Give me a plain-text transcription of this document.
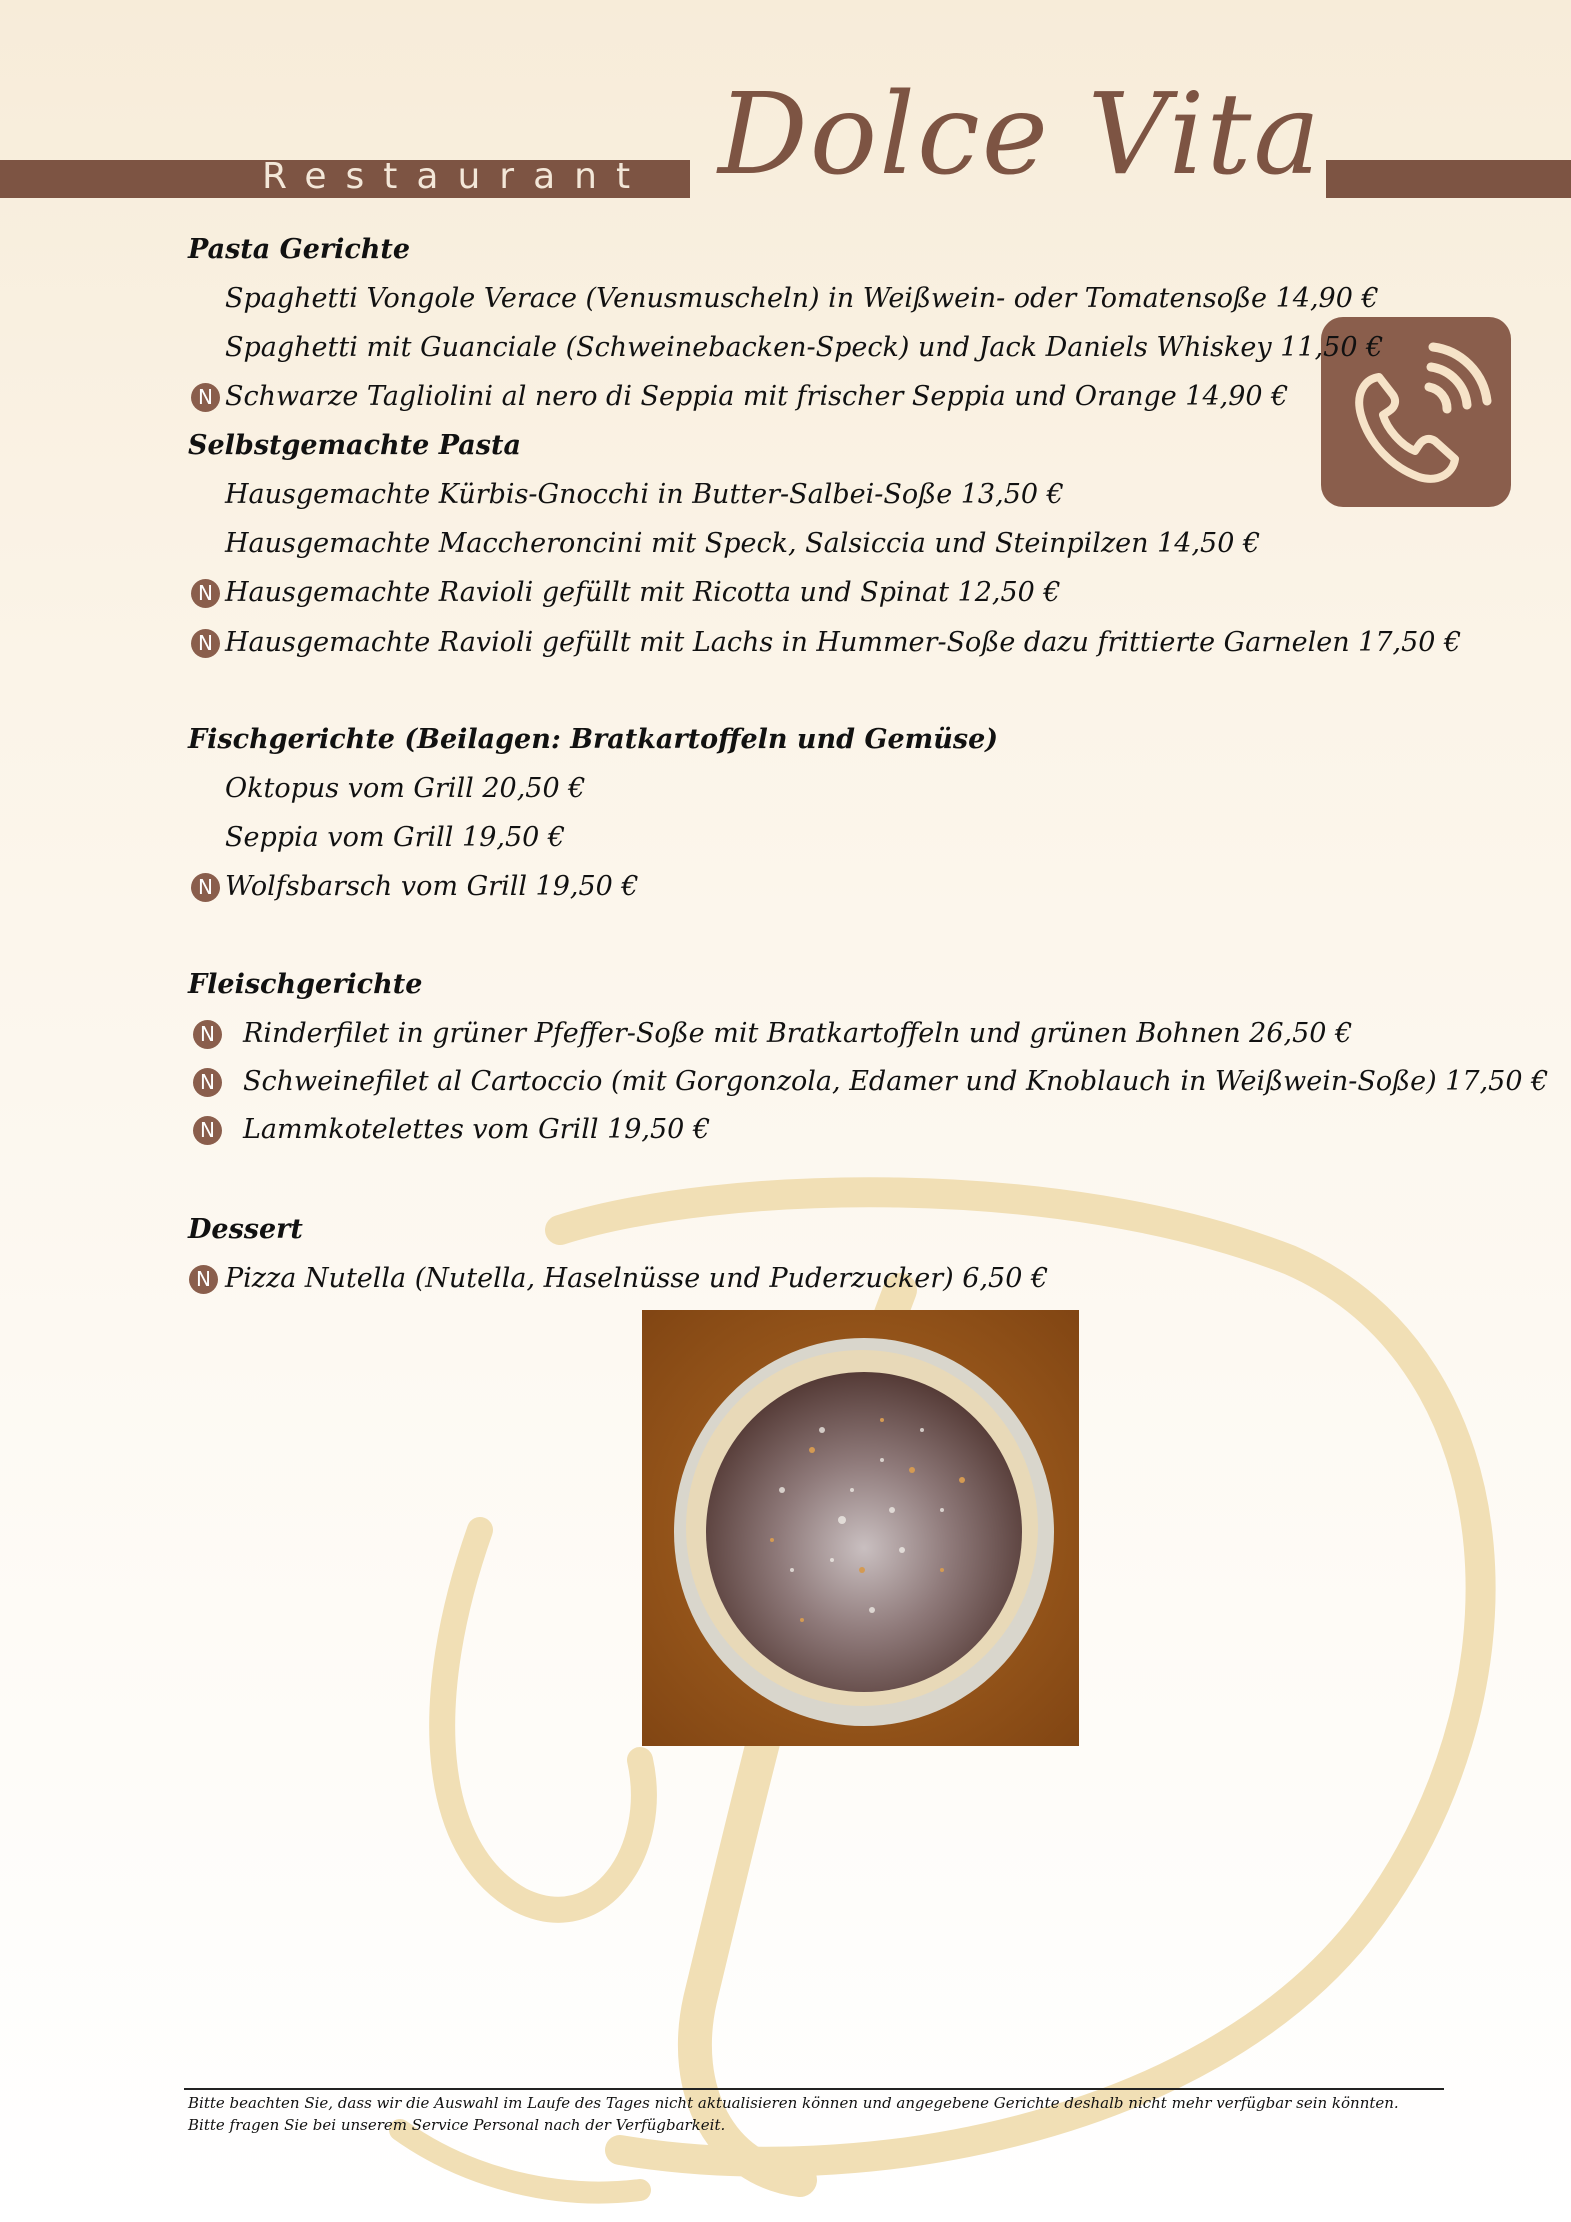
Restaurant Dolce Vita
Pasta Gerichte
Spaghetti Vongole Verace (Venusmuscheln) in Weißwein- oder Tomatensoße 14,90 €
Spaghetti mit Guanciale (Schweinebacken-Speck) und Jack Daniels Whiskey 11,50 €
N Schwarze Tagliolini al nero di Seppia mit frischer Seppia und Orange 14,90 €
Selbstgemachte Pasta
Hausgemachte Kürbis-Gnocchi in Butter-Salbei-Soße 13,50 €
Hausgemachte Maccheroncini mit Speck, Salsiccia und Steinpilzen 14,50 €
N Hausgemachte Ravioli gefüllt mit Ricotta und Spinat 12,50 €
N Hausgemachte Ravioli gefüllt mit Lachs in Hummer-Soße dazu frittierte Garnelen 17,50 €
Fischgerichte (Beilagen: Bratkartoffeln und Gemüse)
Oktopus vom Grill 20,50 €
Seppia vom Grill 19,50 €
N Wolfsbarsch vom Grill 19,50 €
Fleischgerichte
N Rinderfilet in grüner Pfeffer-Soße mit Bratkartoffeln und grünen Bohnen 26,50 €
N Schweinefilet al Cartoccio (mit Gorgonzola, Edamer und Knoblauch in Weißwein-Soße) 17,50 €
N Lammkotelettes vom Grill 19,50 €
Dessert
N Pizza Nutella (Nutella, Haselnüsse und Puderzucker) 6,50 €
Bitte beachten Sie, dass wir die Auswahl im Laufe des Tages nicht aktualisieren können und angegebene Gerichte deshalb nicht mehr verfügbar sein könnten. Bitte fragen Sie bei unserem Service Personal nach der Verfügbarkeit.
